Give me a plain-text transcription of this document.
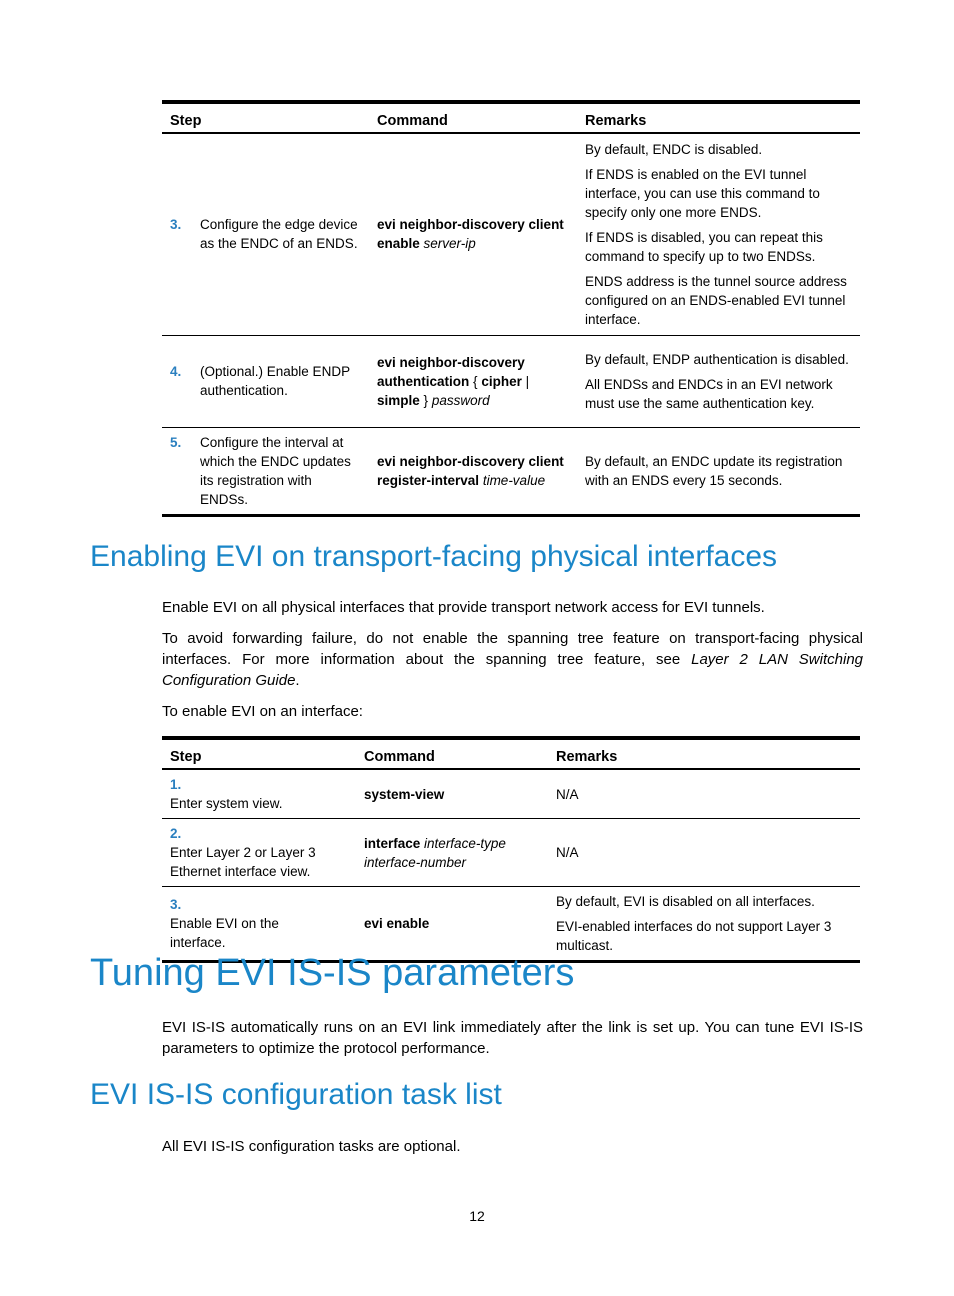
Step	Command	Remarks
3. Configure the edge device as the ENDC of an ENDS.	evi neighbor-discovery client enable server-ip	By default, ENDC is disabled.

If ENDS is enabled on the EVI tunnel interface, you can use this command to specify only one more ENDS.

If ENDS is disabled, you can repeat this command to specify up to two ENDSs.

ENDS address is the tunnel source address configured on an ENDS-enabled EVI tunnel interface.

4. (Optional.) Enable ENDP authentication.	evi neighbor-discovery authentication { cipher | simple } password	By default, ENDP authentication is disabled.

All ENDSs and ENDCs in an EVI network must use the same authentication key.

5. Configure the interval at which the ENDC updates its registration with ENDSs.	evi neighbor-discovery client register-interval time-value	By default, an ENDC update its registration with an ENDS every 15 seconds.

Enabling EVI on transport-facing physical interfaces

Enable EVI on all physical interfaces that provide transport network access for EVI tunnels.

To avoid forwarding failure, do not enable the spanning tree feature on transport-facing physical interfaces. For more information about the spanning tree feature, see Layer 2 LAN Switching Configuration Guide.

To enable EVI on an interface:

Step	Command	Remarks
1.Enter system view.	system-view	N/A

2.Enter Layer 2 or Layer 3 Ethernet interface view.	interface interface-type interface-number	N/A

3.Enable EVI on the interface.	evi enable	By default, EVI is disabled on all interfaces.

EVI-enabled interfaces do not support Layer 3 multicast.

Tuning EVI IS-IS parameters

EVI IS-IS automatically runs on an EVI link immediately after the link is set up. You can tune EVI IS-IS parameters to optimize the protocol performance.

EVI IS-IS configuration task list

All EVI IS-IS configuration tasks are optional.

12
